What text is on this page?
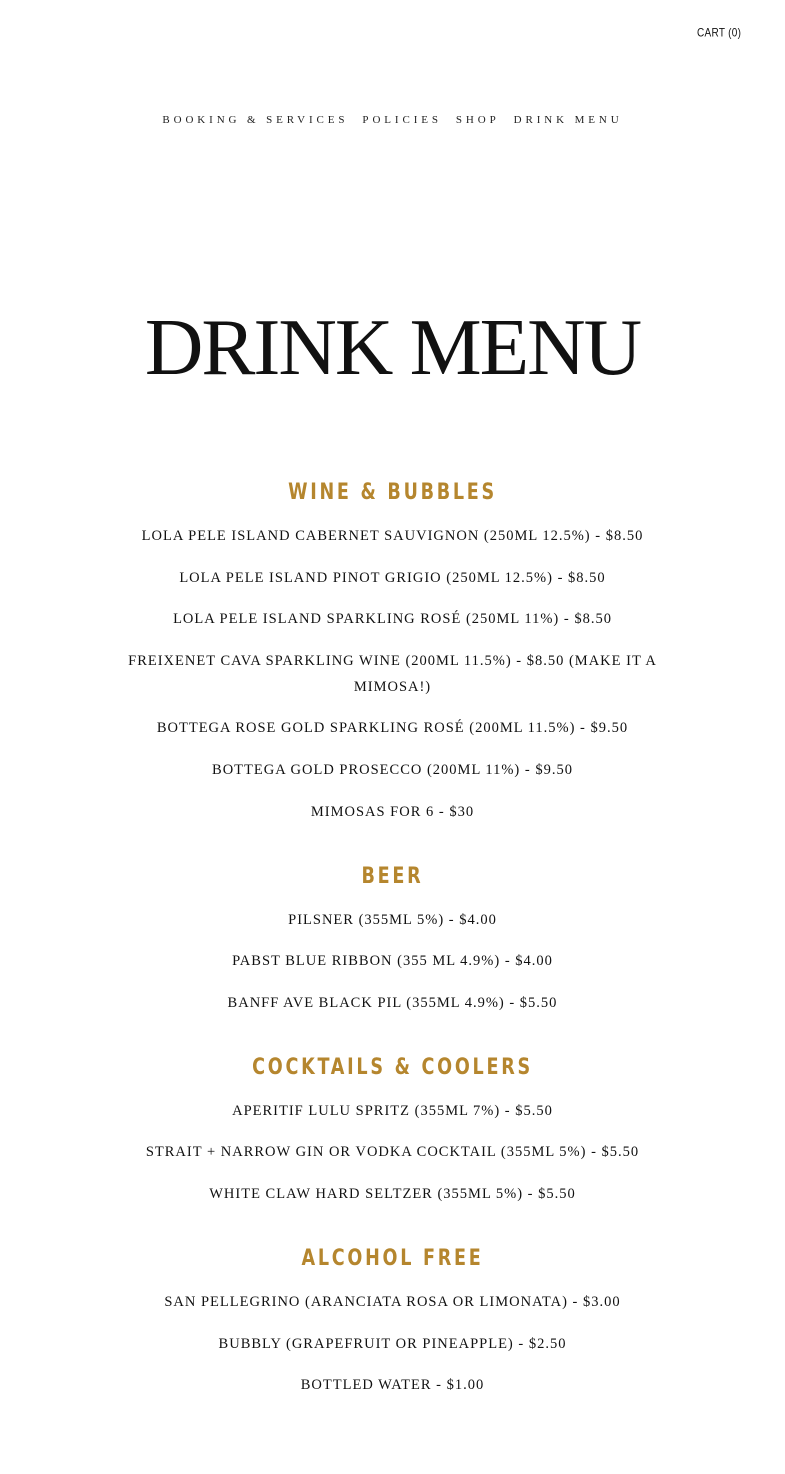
CART (0)
BOOKING & SERVICES POLICIES SHOP DRINK MENU
DRINK MENU
WINE & BUBBLES
LOLA PELE ISLAND CABERNET SAUVIGNON (250ML 12.5%) - $8.50
LOLA PELE ISLAND PINOT GRIGIO (250ML 12.5%) - $8.50
LOLA PELE ISLAND SPARKLING ROSÉ (250ML 11%) - $8.50
FREIXENET CAVA SPARKLING WINE (200ML 11.5%) - $8.50 (MAKE IT A MIMOSA!)
BOTTEGA ROSE GOLD SPARKLING ROSÉ (200ML 11.5%) - $9.50
BOTTEGA GOLD PROSECCO (200ML 11%) - $9.50
MIMOSAS FOR 6 - $30
BEER
PILSNER (355ML 5%) - $4.00
PABST BLUE RIBBON (355 ML 4.9%) - $4.00
BANFF AVE BLACK PIL (355ML 4.9%) - $5.50
COCKTAILS & COOLERS
APERITIF LULU SPRITZ (355ML 7%) - $5.50
STRAIT + NARROW GIN OR VODKA COCKTAIL (355ML 5%) - $5.50
WHITE CLAW HARD SELTZER (355ML 5%) - $5.50
ALCOHOL FREE
SAN PELLEGRINO (ARANCIATA ROSA OR LIMONATA) - $3.00
BUBBLY (GRAPEFRUIT OR PINEAPPLE) - $2.50
BOTTLED WATER - $1.00
